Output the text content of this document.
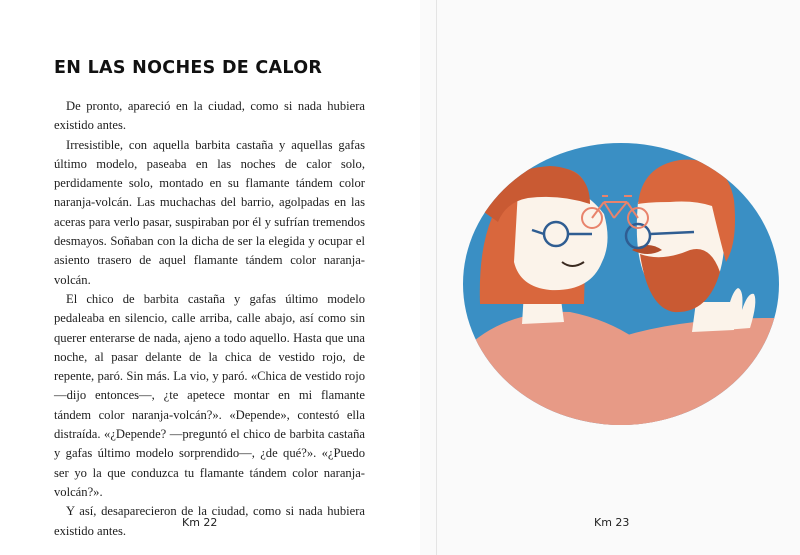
EN LAS NOCHES DE CALOR

De pronto, apareció en la ciudad, como si nada hubiera existido antes.

Irresistible, con aquella barbita castaña y aquellas gafas último modelo, paseaba en las noches de calor solo, perdidamente solo, montado en su flamante tándem color naranja-volcán. Las muchachas del barrio, agolpadas en las aceras para verlo pasar, suspiraban por él y sufrían tremendos desmayos. Soñaban con la dicha de ser la elegida y ocupar el asiento trasero de aquel flamante tándem color naranja-volcán.

El chico de barbita castaña y gafas último modelo pedaleaba en silencio, calle arriba, calle abajo, así como sin querer enterarse de nada, ajeno a todo aquello. Hasta que una noche, al pasar delante de la chica de vestido rojo, de repente, paró. Sin más. La vio, y paró. «Chica de vestido rojo —dijo entonces—, ¿te apetece montar en mi flamante tándem color naranja-volcán?». «Depende», contestó ella distraída. «¿Depende? —preguntó el chico de barbita castaña y gafas último modelo sorprendido—, ¿de qué?». «¿Puedo ser yo la que conduzca tu flamante tándem color naranja-volcán?».

Y así, desaparecieron de la ciudad, como si nada hubiera existido antes.

Km 22	Km 23
